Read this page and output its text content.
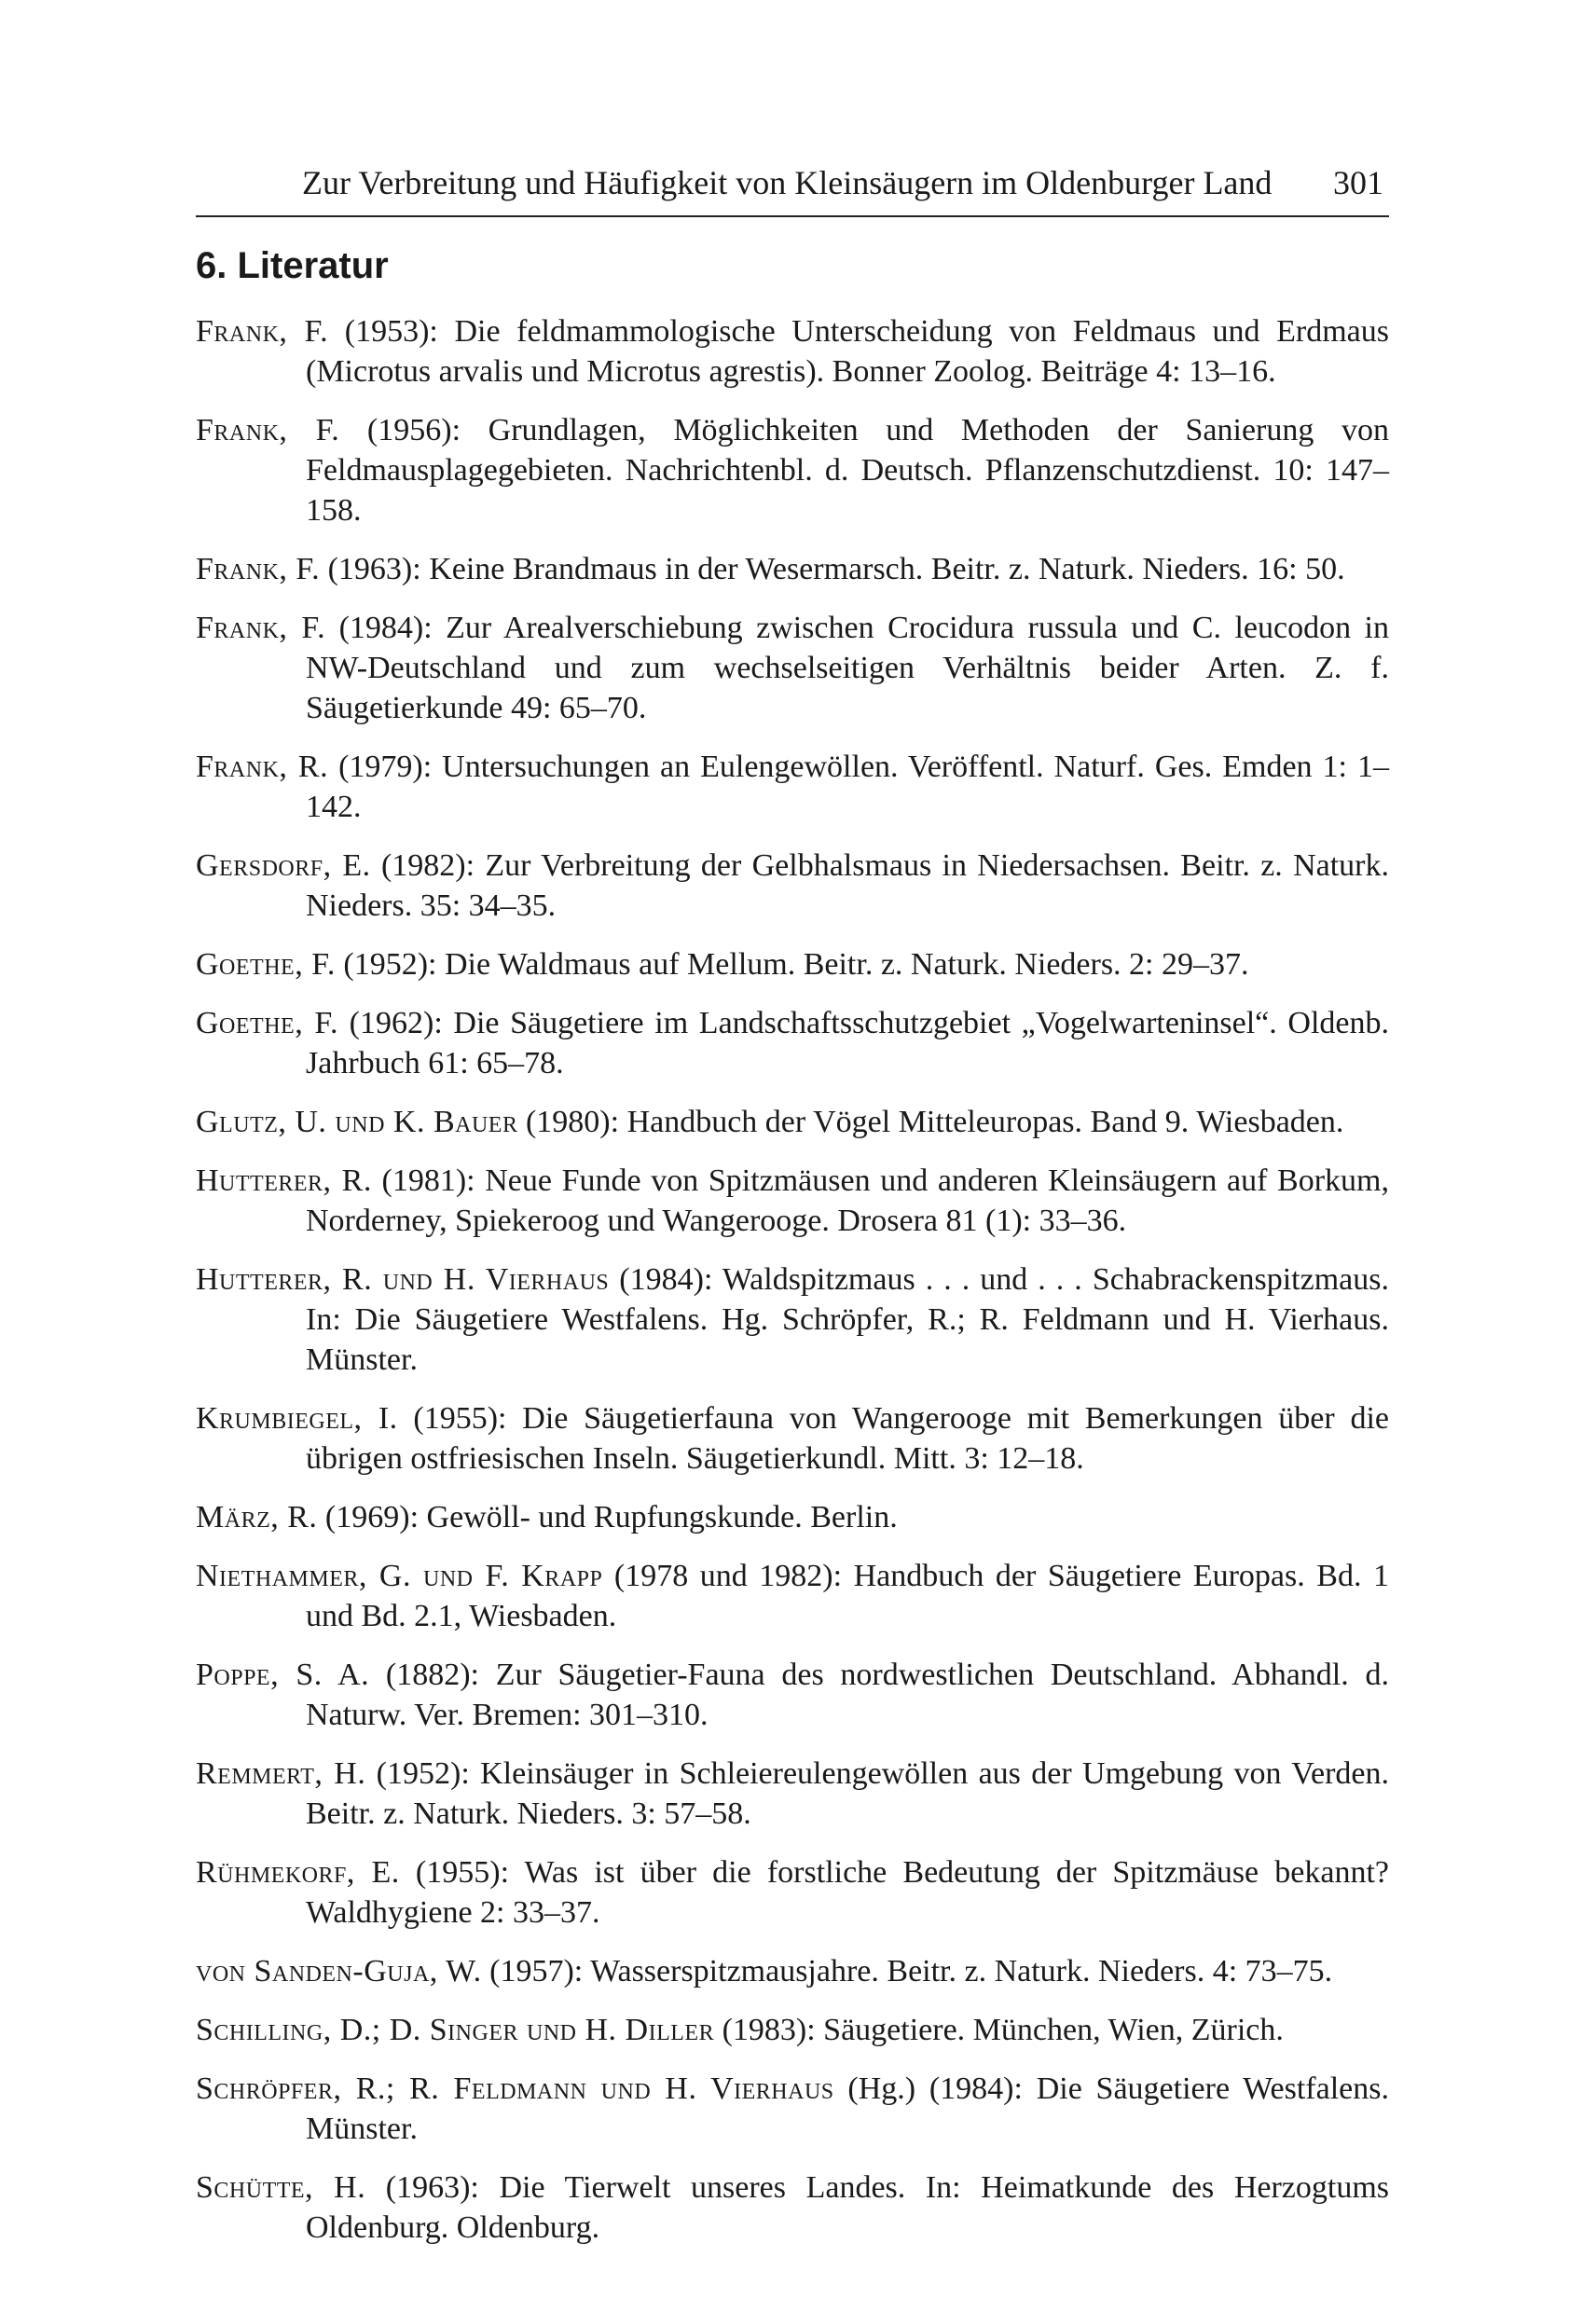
Zur Verbreitung und Häufigkeit von Kleinsäugern im Oldenburger Land 301
6. Literatur
Frank, F. (1953): Die feldmammologische Unterscheidung von Feldmaus und Erdmaus (Microtus arvalis und Microtus agrestis). Bonner Zoolog. Beiträge 4: 13–16.
Frank, F. (1956): Grundlagen, Möglichkeiten und Methoden der Sanierung von Feldmausplagegebieten. Nachrichtenbl. d. Deutsch. Pflanzenschutzdienst. 10: 147–158.
Frank, F. (1963): Keine Brandmaus in der Wesermarsch. Beitr. z. Naturk. Nieders. 16: 50.
Frank, F. (1984): Zur Arealverschiebung zwischen Crocidura russula und C. leucodon in NW-Deutschland und zum wechselseitigen Verhältnis beider Arten. Z. f. Säugetierkunde 49: 65–70.
Frank, R. (1979): Untersuchungen an Eulengewöllen. Veröffentl. Naturf. Ges. Emden 1: 1–142.
Gersdorf, E. (1982): Zur Verbreitung der Gelbhalsmaus in Niedersachsen. Beitr. z. Naturk. Nieders. 35: 34–35.
Goethe, F. (1952): Die Waldmaus auf Mellum. Beitr. z. Naturk. Nieders. 2: 29–37.
Goethe, F. (1962): Die Säugetiere im Landschaftsschutzgebiet „Vogelwarteninsel“. Oldenb. Jahrbuch 61: 65–78.
Glutz, U. und K. Bauer (1980): Handbuch der Vögel Mitteleuropas. Band 9. Wiesbaden.
Hutterer, R. (1981): Neue Funde von Spitzmäusen und anderen Kleinsäugern auf Borkum, Norderney, Spiekeroog und Wangerooge. Drosera 81 (1): 33–36.
Hutterer, R. und H. Vierhaus (1984): Waldspitzmaus . . . und . . . Schabrackenspitzmaus. In: Die Säugetiere Westfalens. Hg. Schröpfer, R.; R. Feldmann und H. Vierhaus. Münster.
Krumbiegel, I. (1955): Die Säugetierfauna von Wangerooge mit Bemerkungen über die übrigen ostfriesischen Inseln. Säugetierkundl. Mitt. 3: 12–18.
März, R. (1969): Gewöll- und Rupfungskunde. Berlin.
Niethammer, G. und F. Krapp (1978 und 1982): Handbuch der Säugetiere Europas. Bd. 1 und Bd. 2.1, Wiesbaden.
Poppe, S. A. (1882): Zur Säugetier-Fauna des nordwestlichen Deutschland. Abhandl. d. Naturw. Ver. Bremen: 301–310.
Remmert, H. (1952): Kleinsäuger in Schleiereulengewöllen aus der Umgebung von Verden. Beitr. z. Naturk. Nieders. 3: 57–58.
Rühmekorf, E. (1955): Was ist über die forstliche Bedeutung der Spitzmäuse bekannt? Waldhygiene 2: 33–37.
von Sanden-Guja, W. (1957): Wasserspitzmausjahre. Beitr. z. Naturk. Nieders. 4: 73–75.
Schilling, D.; D. Singer und H. Diller (1983): Säugetiere. München, Wien, Zürich.
Schröpfer, R.; R. Feldmann und H. Vierhaus (Hg.) (1984): Die Säugetiere Westfalens. Münster.
Schütte, H. (1963): Die Tierwelt unseres Landes. In: Heimatkunde des Herzogtums Oldenburg. Oldenburg.
